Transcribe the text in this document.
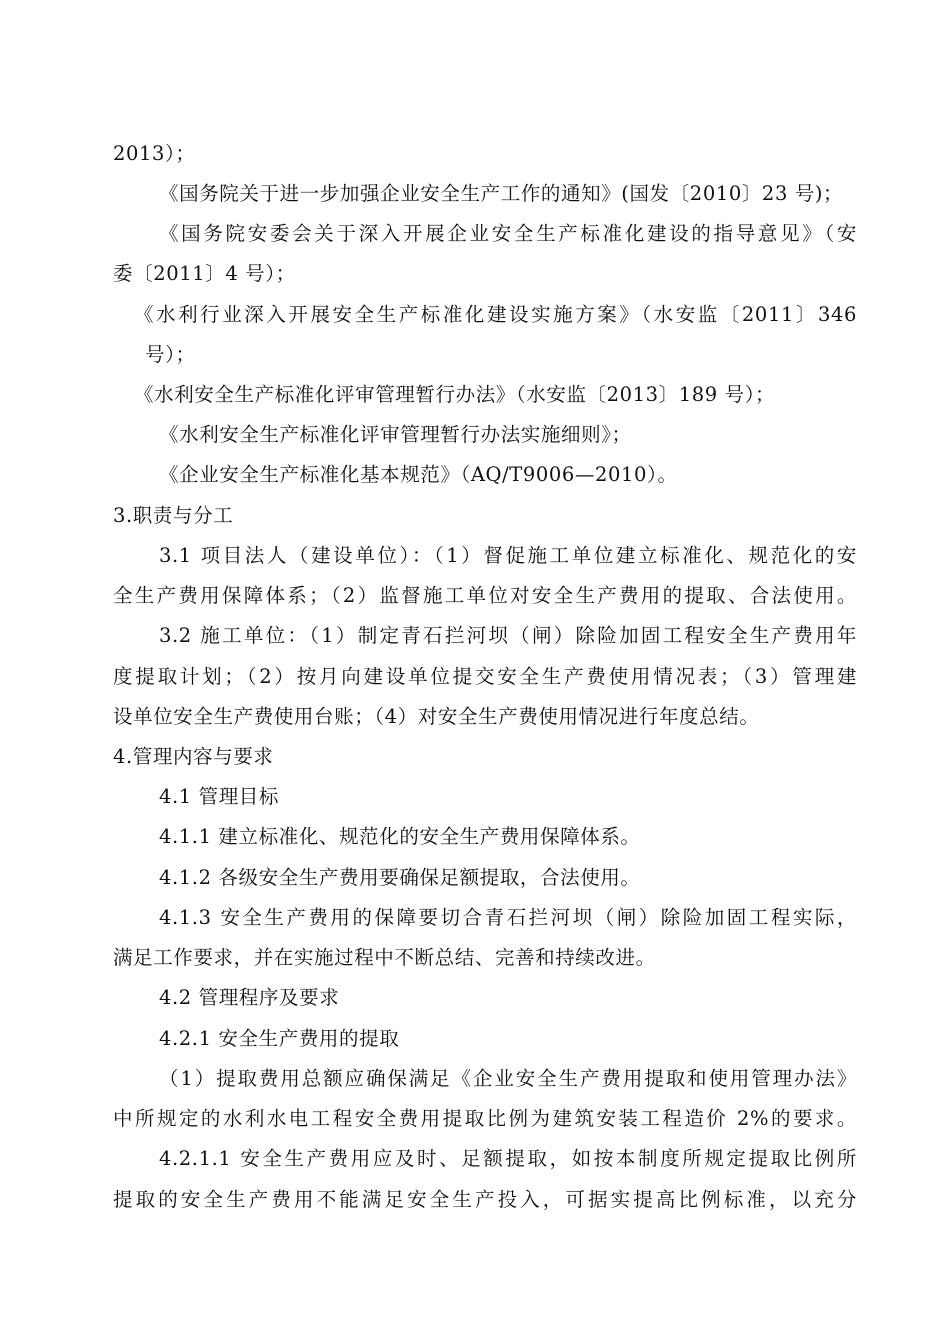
2013）；
《国务院关于进一步加强企业安全生产工作的通知》(国发〔2010〕23 号)；
《国务院安委会关于深入开展企业安全生产标准化建设的指导意见》（安
委〔2011〕4 号）；
《水利行业深入开展安全生产标准化建设实施方案》（水安监〔2011〕346
号）；
《水利安全生产标准化评审管理暂行办法》（水安监〔2013〕189 号）；
《水利安全生产标准化评审管理暂行办法实施细则》；
《企业安全生产标准化基本规范》（AQ/T9006—2010）。
3.职责与分工
3.1 项目法人（建设单位）：（1）督促施工单位建立标准化、规范化的安
全生产费用保障体系；（2）监督施工单位对安全生产费用的提取、合法使用。
3.2 施工单位：（1）制定青石拦河坝（闸）除险加固工程安全生产费用年
度提取计划；（2）按月向建设单位提交安全生产费使用情况表；（3）管理建
设单位安全生产费使用台账；（4）对安全生产费使用情况进行年度总结。
4.管理内容与要求
4.1 管理目标
4.1.1 建立标准化、规范化的安全生产费用保障体系。
4.1.2 各级安全生产费用要确保足额提取，合法使用。
4.1.3 安全生产费用的保障要切合青石拦河坝（闸）除险加固工程实际，
满足工作要求，并在实施过程中不断总结、完善和持续改进。
4.2 管理程序及要求
4.2.1 安全生产费用的提取
（1）提取费用总额应确保满足《企业安全生产费用提取和使用管理办法》
中所规定的水利水电工程安全费用提取比例为建筑安装工程造价 2%的要求。
4.2.1.1 安全生产费用应及时、足额提取，如按本制度所规定提取比例所
提取的安全生产费用不能满足安全生产投入，可据实提高比例标准，以充分
